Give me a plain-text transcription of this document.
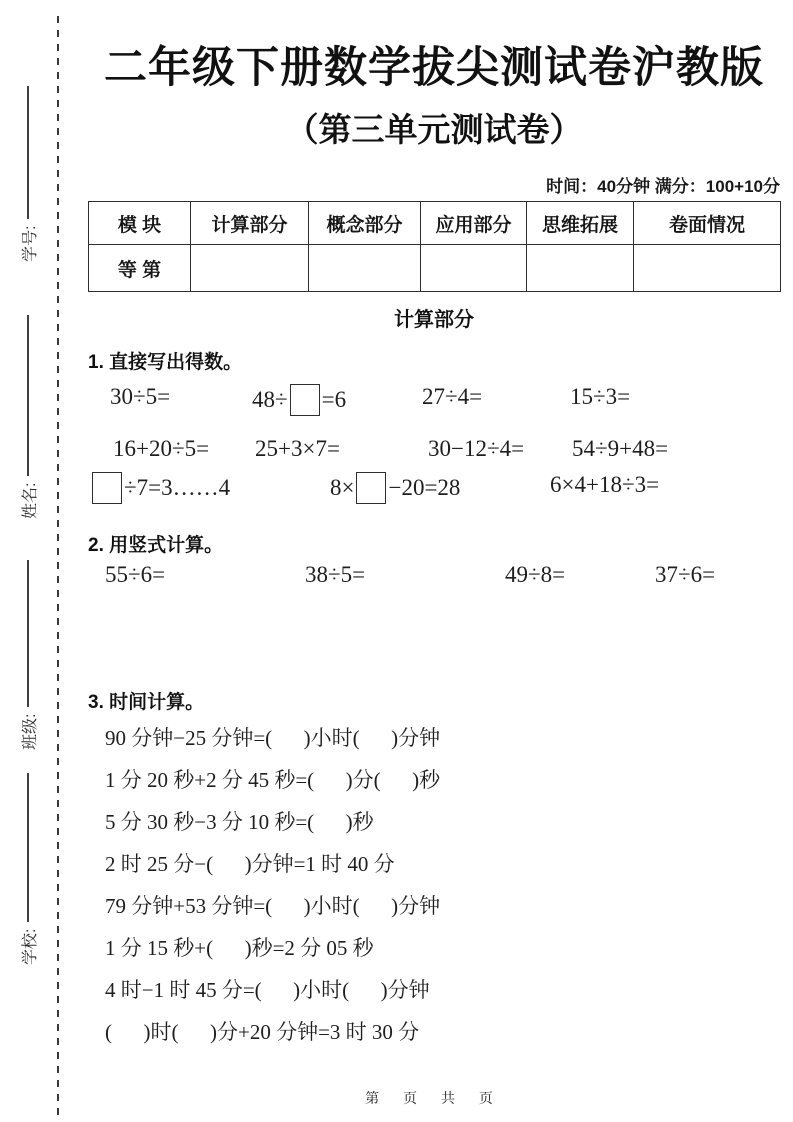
学号:
姓名:
班级:
学校:
二年级下册数学拔尖测试卷沪教版
（第三单元测试卷）
时间：40分钟 满分：100+10分
模 块	计算部分	概念部分	应用部分	思维拓展	卷面情况
等 第					
计算部分
1. 直接写出得数。
30÷5=	48÷ =6	27÷4=	15÷3=
16+20÷5= 25+3×7=	30−12÷4= 54÷9+48=
÷7=3……4	8× −20=28	6×4+18÷3=
2. 用竖式计算。
55÷6=	38÷5=	49÷8=	37÷6=
3. 时间计算。
90 分钟−25 分钟=(      )小时(      )分钟
1 分 20 秒+2 分 45 秒=(      )分(      )秒
5 分 30 秒−3 分 10 秒=(      )秒
2 时 25 分−(      )分钟=1 时 40 分
79 分钟+53 分钟=(      )小时(      )分钟
1 分 15 秒+(      )秒=2 分 05 秒
4 时−1 时 45 分=(      )小时(      )分钟
(      )时(      )分+20 分钟=3 时 30 分
第 页 共 页
